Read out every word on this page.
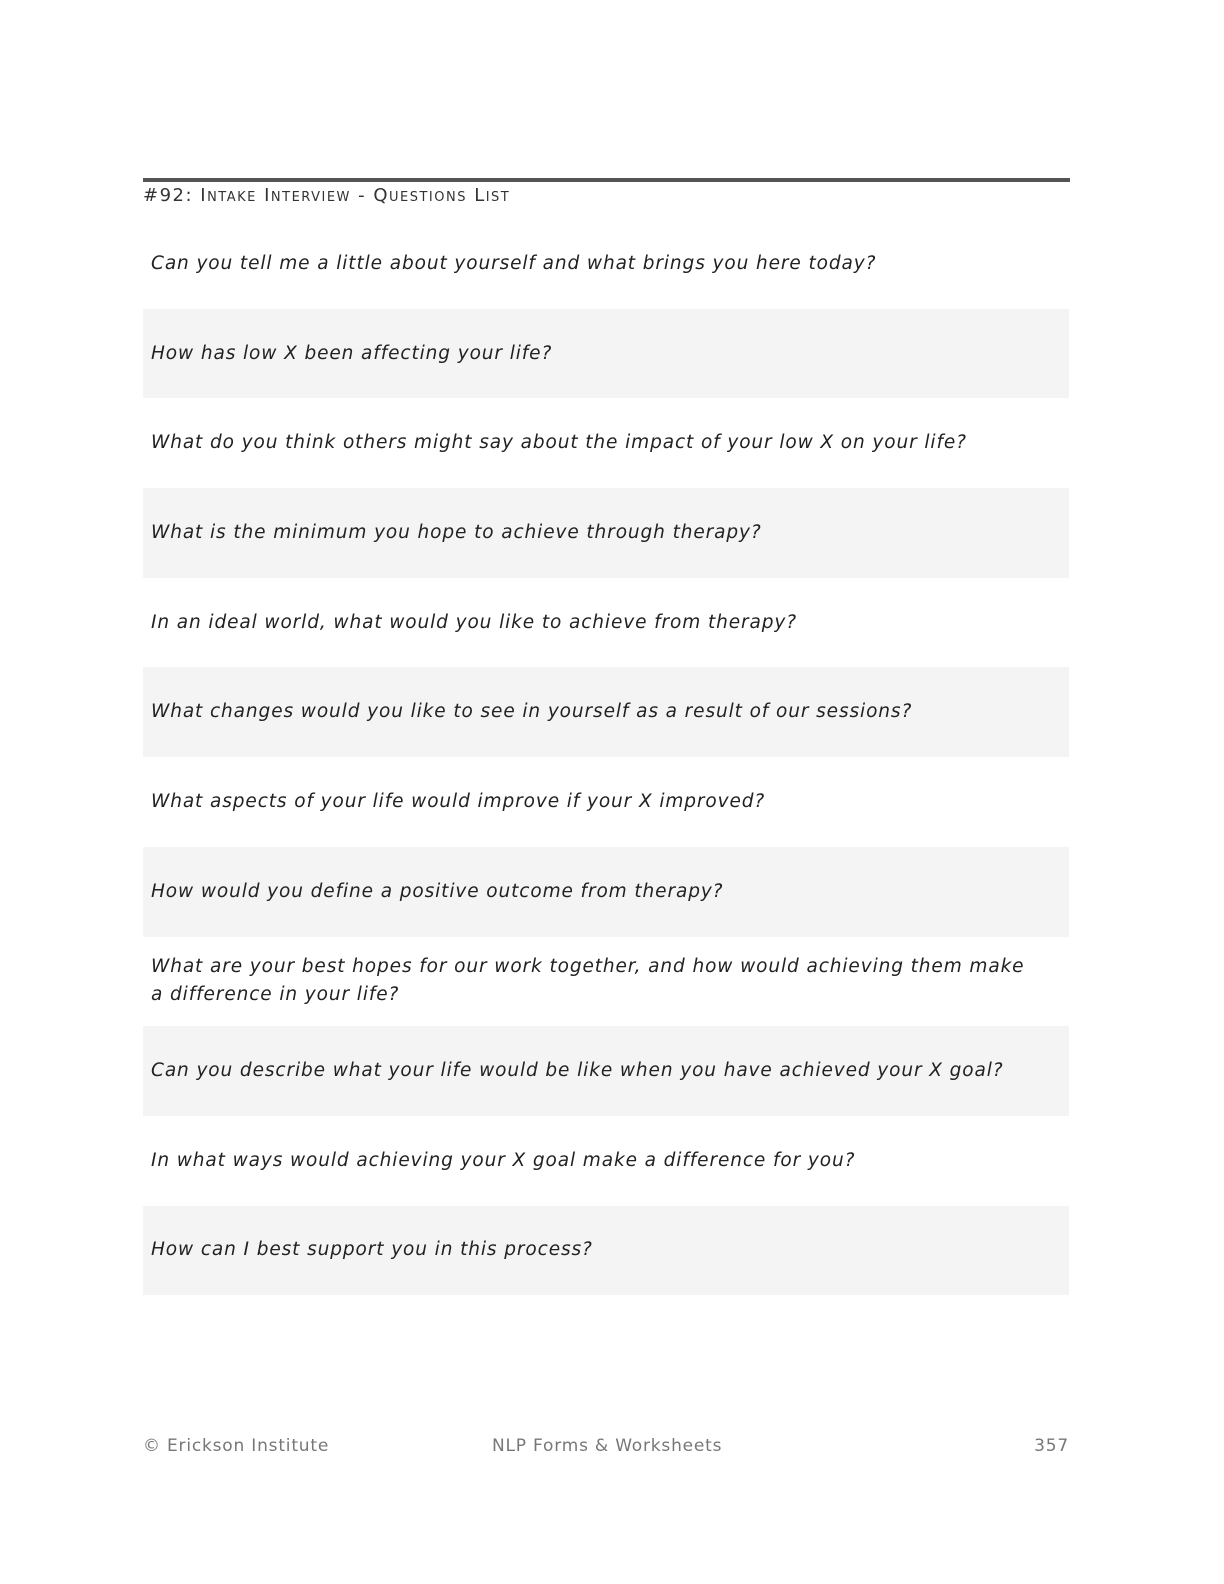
#92: Intake Interview - Questions List
Can you tell me a little about yourself and what brings you here today?
How has low X been affecting your life?
What do you think others might say about the impact of your low X on your life?
What is the minimum you hope to achieve through therapy?
In an ideal world, what would you like to achieve from therapy?
What changes would you like to see in yourself as a result of our sessions?
What aspects of your life would improve if your X improved?
How would you define a positive outcome from therapy?
What are your best hopes for our work together, and how would achieving them make a difference in your life?
Can you describe what your life would be like when you have achieved your X goal?
In what ways would achieving your X goal make a difference for you?
How can I best support you in this process?
© Erickson Institute	NLP Forms & Worksheets	357
